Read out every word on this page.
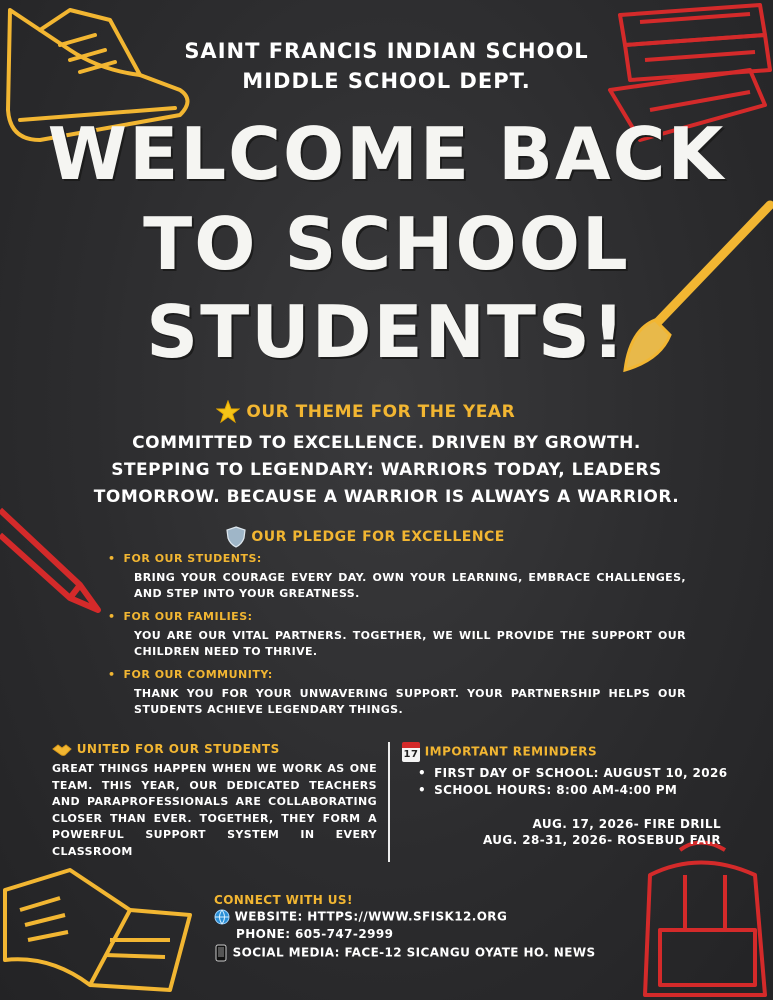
SAINT FRANCIS INDIAN SCHOOL
MIDDLE SCHOOL DEPT.
WELCOME BACK
TO SCHOOL
STUDENTS!
OUR THEME FOR THE YEAR
COMMITTED TO EXCELLENCE. DRIVEN BY GROWTH.
STEPPING TO LEGENDARY: WARRIORS TODAY, LEADERS
TOMORROW. BECAUSE A WARRIOR IS ALWAYS A WARRIOR.
OUR PLEDGE FOR EXCELLENCE
• FOR OUR STUDENTS:
BRING YOUR COURAGE EVERY DAY. OWN YOUR LEARNING, EMBRACE CHALLENGES, AND STEP INTO YOUR GREATNESS.
• FOR OUR FAMILIES:
YOU ARE OUR VITAL PARTNERS. TOGETHER, WE WILL PROVIDE THE SUPPORT OUR CHILDREN NEED TO THRIVE.
• FOR OUR COMMUNITY:
THANK YOU FOR YOUR UNWAVERING SUPPORT. YOUR PARTNERSHIP HELPS OUR STUDENTS ACHIEVE LEGENDARY THINGS.
UNITED FOR OUR STUDENTS
GREAT THINGS HAPPEN WHEN WE WORK AS ONE TEAM. THIS YEAR, OUR DEDICATED TEACHERS AND PARAPROFESSIONALS ARE COLLABORATING CLOSER THAN EVER. TOGETHER, THEY FORM A POWERFUL SUPPORT SYSTEM IN EVERY CLASSROOM
17 IMPORTANT REMINDERS
• FIRST DAY OF SCHOOL: AUGUST 10, 2026
• SCHOOL HOURS: 8:00 AM-4:00 PM
AUG. 17, 2026- FIRE DRILL
AUG. 28-31, 2026- ROSEBUD FAIR
CONNECT WITH US!
WEBSITE: HTTPS://WWW.SFISK12.ORG
PHONE: 605-747-2999
SOCIAL MEDIA: FACE-12 SICANGU OYATE HO. NEWS
